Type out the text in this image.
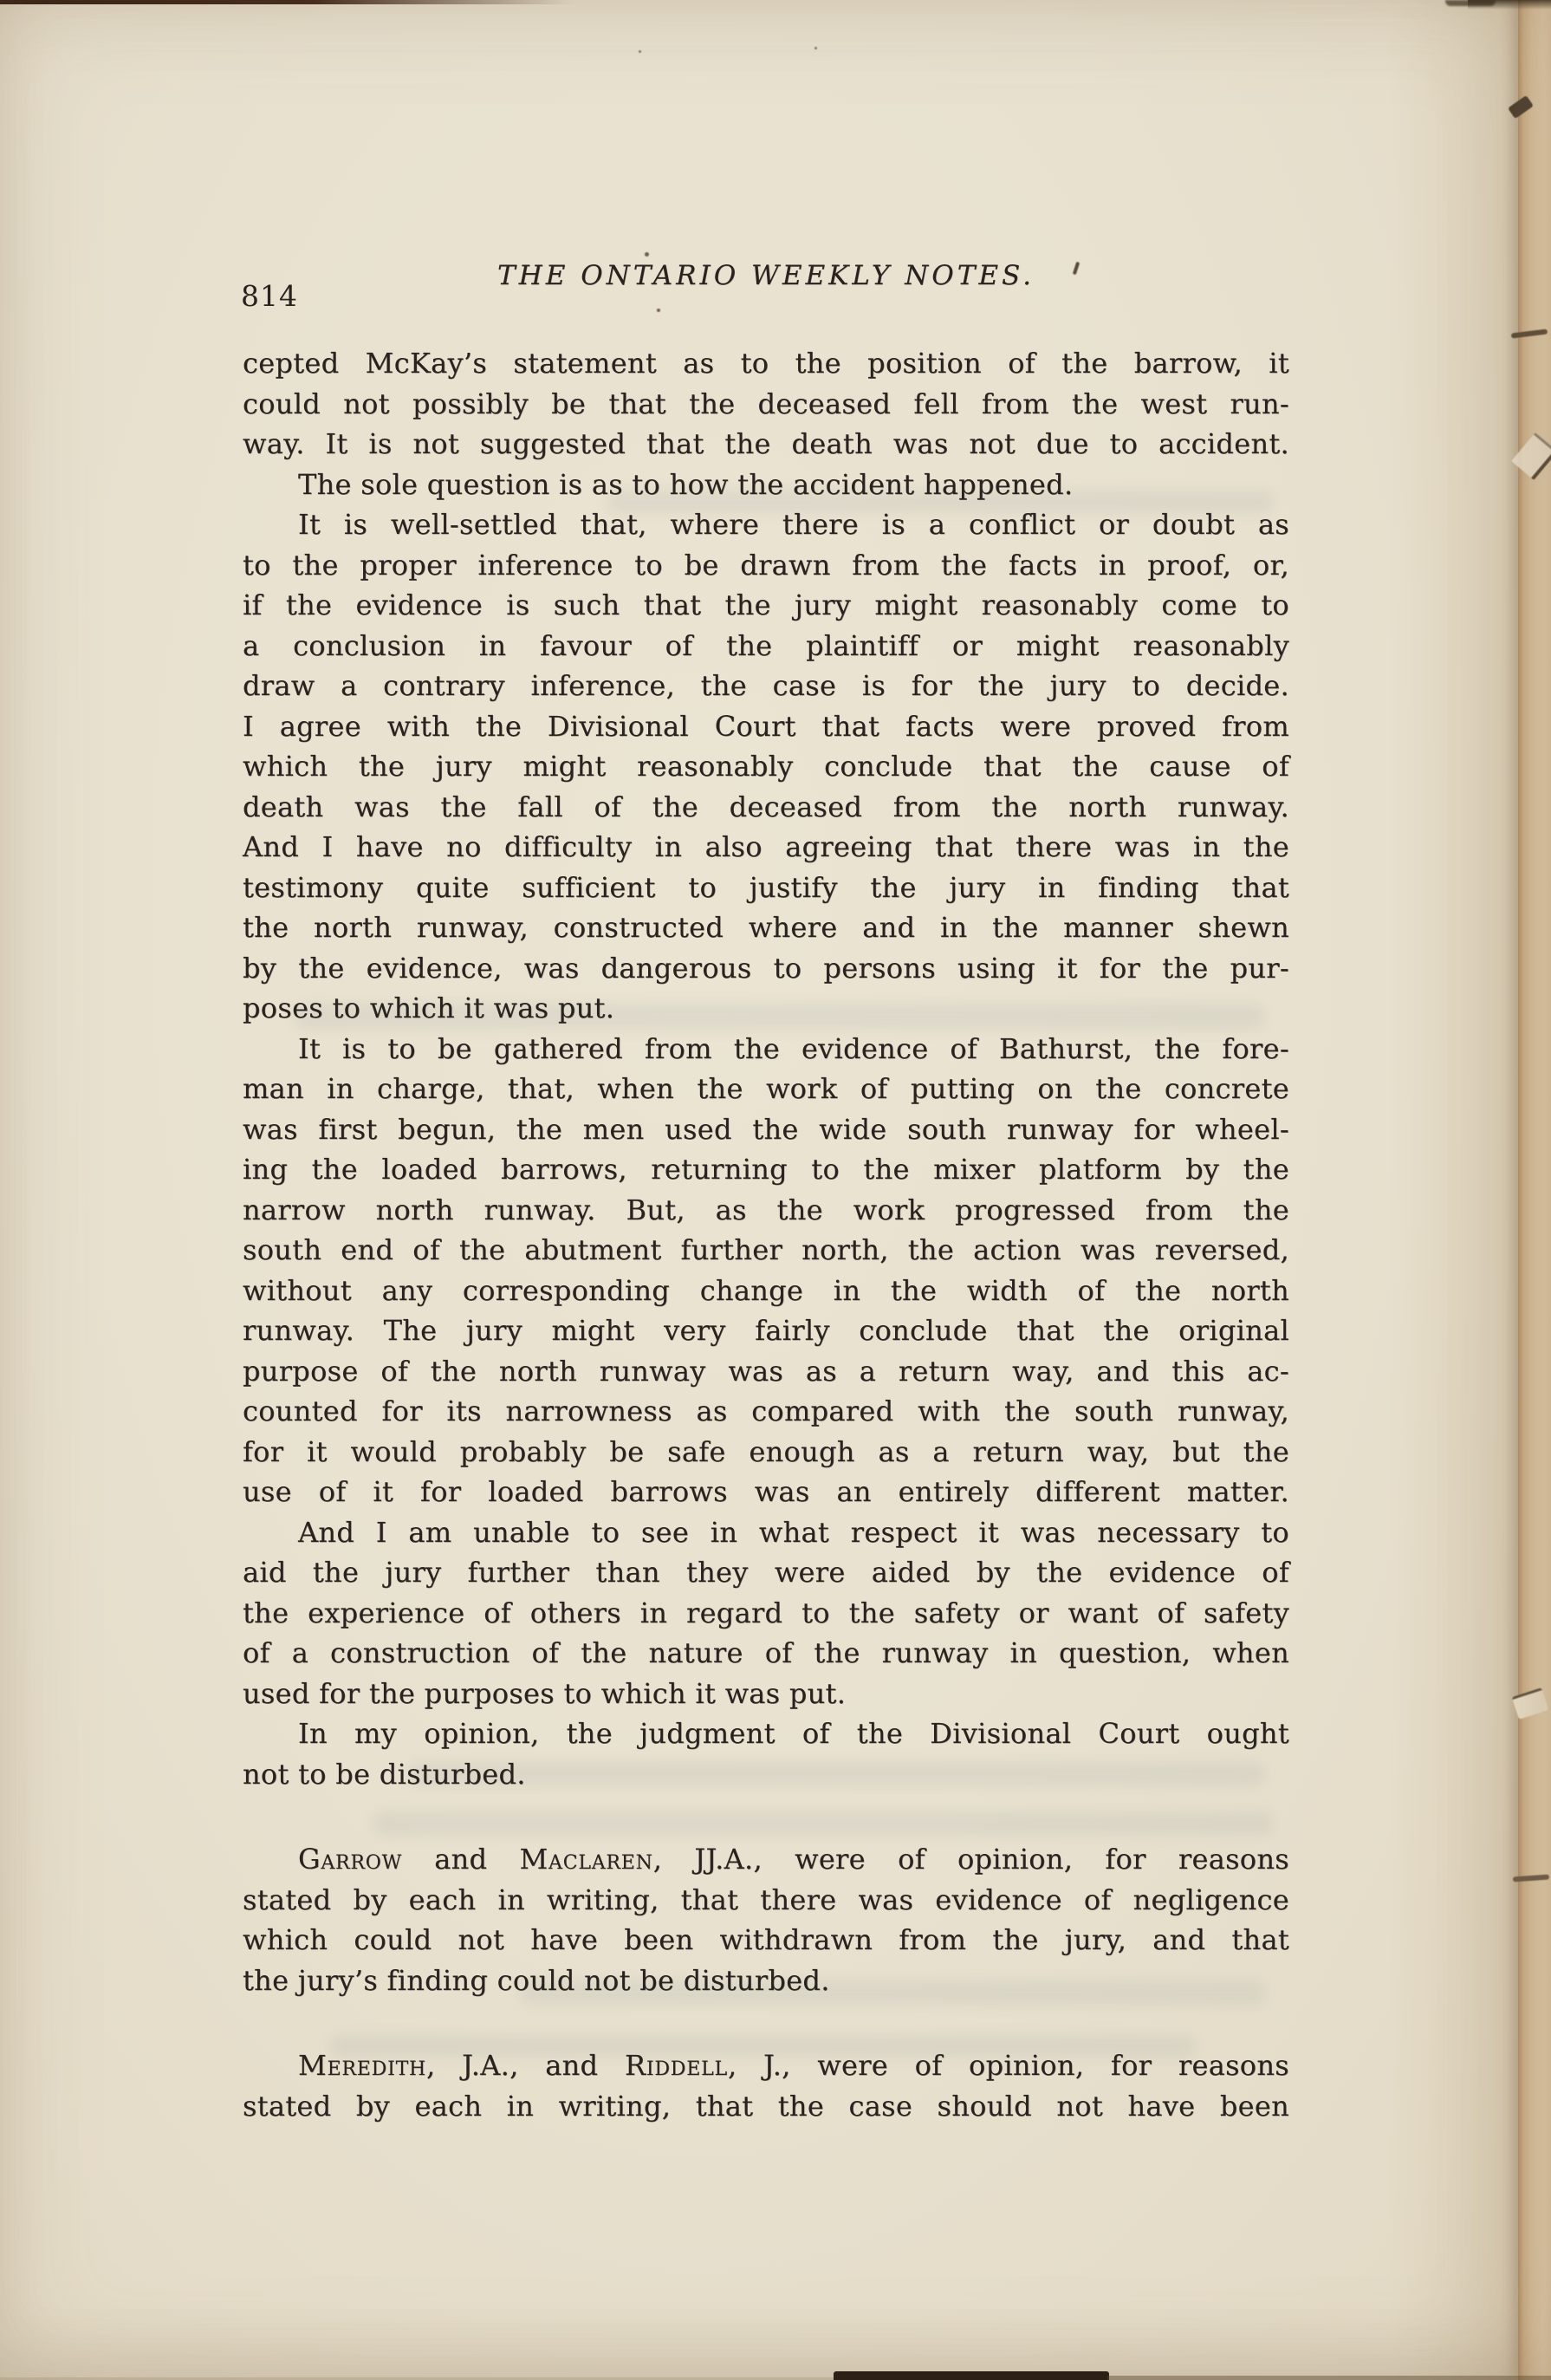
814
THE ONTARIO WEEKLY NOTES.
cepted McKay’s statement as to the position of the barrow, it
could not possibly be that the deceased fell from the west run-
way. It is not suggested that the death was not due to accident.
The sole question is as to how the accident happened.
It is well-settled that, where there is a conflict or doubt as
to the proper inference to be drawn from the facts in proof, or,
if the evidence is such that the jury might reasonably come to
a conclusion in favour of the plaintiff or might reasonably
draw a contrary inference, the case is for the jury to decide.
I agree with the Divisional Court that facts were proved from
which the jury might reasonably conclude that the cause of
death was the fall of the deceased from the north runway.
And I have no difficulty in also agreeing that there was in the
testimony quite sufficient to justify the jury in finding that
the north runway, constructed where and in the manner shewn
by the evidence, was dangerous to persons using it for the pur-
poses to which it was put.
It is to be gathered from the evidence of Bathurst, the fore-
man in charge, that, when the work of putting on the concrete
was first begun, the men used the wide south runway for wheel-
ing the loaded barrows, returning to the mixer platform by the
narrow north runway. But, as the work progressed from the
south end of the abutment further north, the action was reversed,
without any corresponding change in the width of the north
runway. The jury might very fairly conclude that the original
purpose of the north runway was as a return way, and this ac-
counted for its narrowness as compared with the south runway,
for it would probably be safe enough as a return way, but the
use of it for loaded barrows was an entirely different matter.
And I am unable to see in what respect it was necessary to
aid the jury further than they were aided by the evidence of
the experience of others in regard to the safety or want of safety
of a construction of the nature of the runway in question, when
used for the purposes to which it was put.
In my opinion, the judgment of the Divisional Court ought
not to be disturbed.
Garrow and Maclaren, JJ.A., were of opinion, for reasons
stated by each in writing, that there was evidence of negligence
which could not have been withdrawn from the jury, and that
the jury’s finding could not be disturbed.
Meredith, J.A., and Riddell, J., were of opinion, for reasons
stated by each in writing, that the case should not have been
